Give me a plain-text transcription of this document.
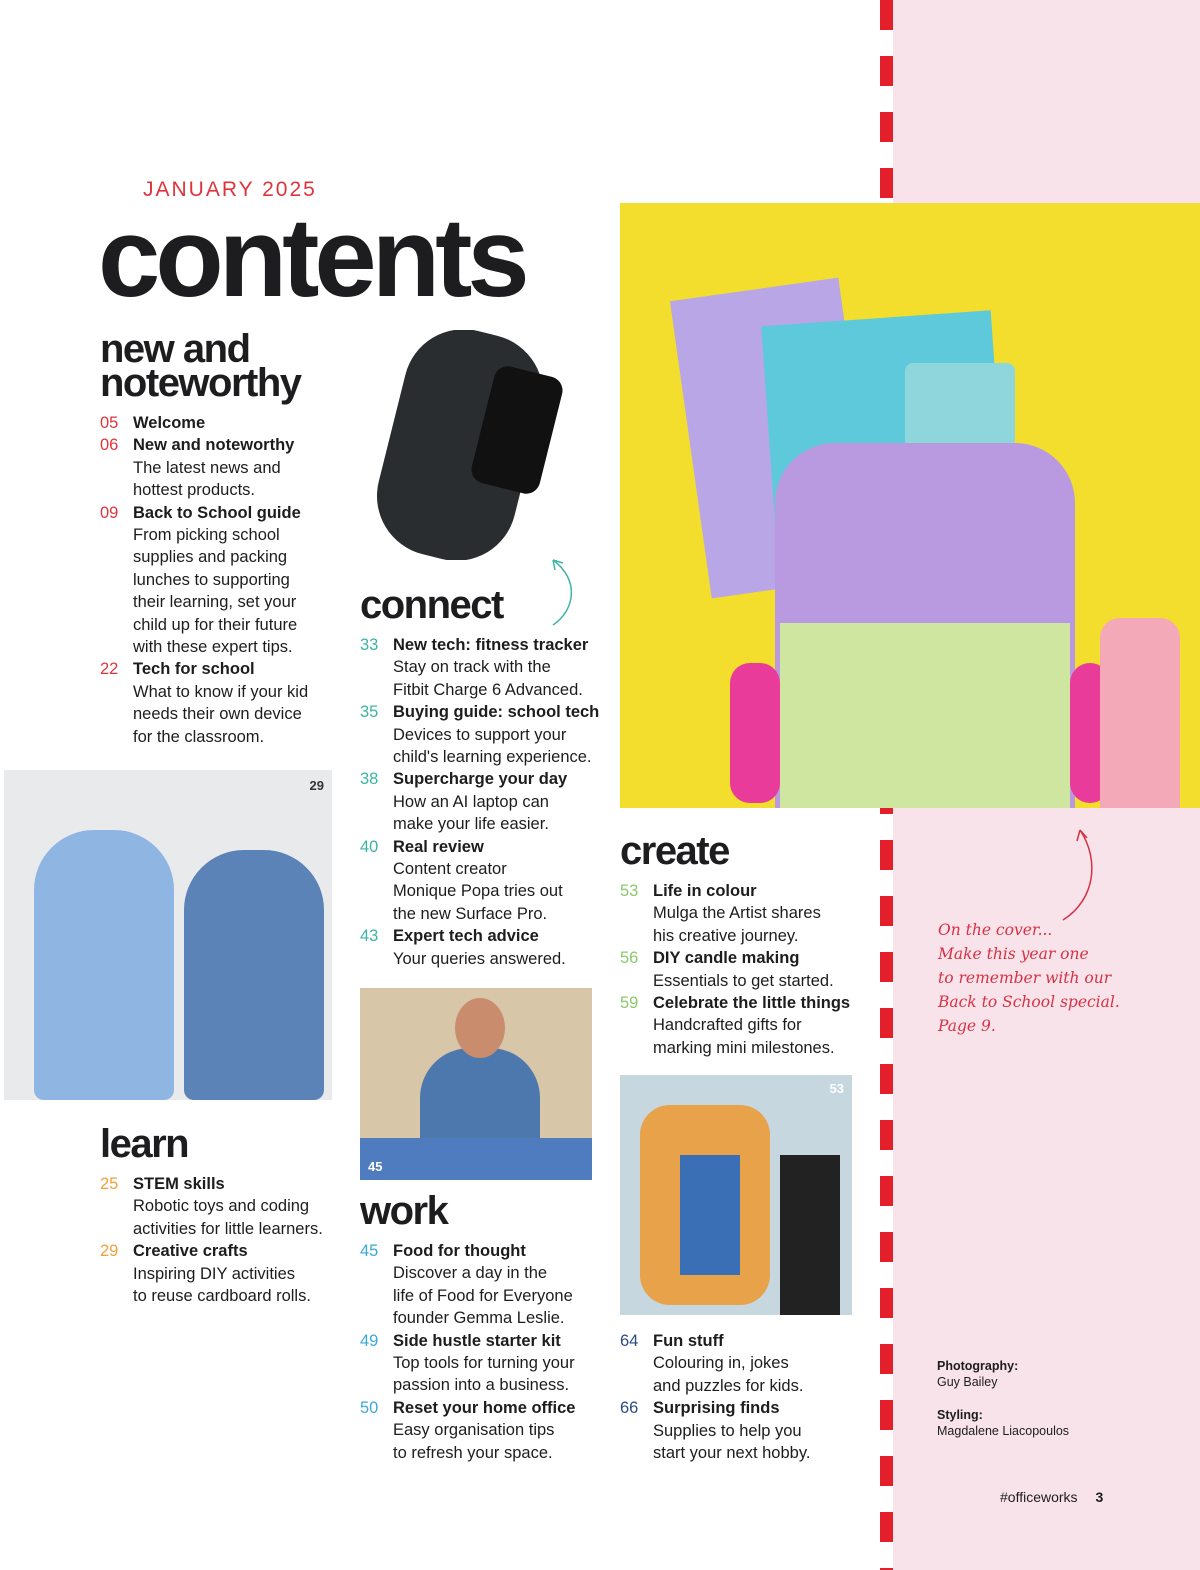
JANUARY 2025
contents
29
45
53
new and
noteworthy
05 Welcome
06 New and noteworthy
The latest news and
hottest products.
09 Back to School guide
From picking school
supplies and packing
lunches to supporting
their learning, set your
child up for their future
with these expert tips.
22 Tech for school
What to know if your kid
needs their own device
for the classroom.
connect
33 New tech: fitness tracker
Stay on track with the
Fitbit Charge 6 Advanced.
35 Buying guide: school tech
Devices to support your
child's learning experience.
38 Supercharge your day
How an AI laptop can
make your life easier.
40 Real review
Content creator
Monique Popa tries out
the new Surface Pro.
43 Expert tech advice
Your queries answered.
learn
25 STEM skills
Robotic toys and coding
activities for little learners.
29 Creative crafts
Inspiring DIY activities
to reuse cardboard rolls.
work
45 Food for thought
Discover a day in the
life of Food for Everyone
founder Gemma Leslie.
49 Side hustle starter kit
Top tools for turning your
passion into a business.
50 Reset your home office
Easy organisation tips
to refresh your space.
create
53 Life in colour
Mulga the Artist shares
his creative journey.
56 DIY candle making
Essentials to get started.
59 Celebrate the little things
Handcrafted gifts for
marking mini milestones.
64 Fun stuff
Colouring in, jokes
and puzzles for kids.
66 Surprising finds
Supplies to help you
start your next hobby.
On the cover...
Make this year one
to remember with our
Back to School special.
Page 9.
Photography:
Guy Bailey
Styling:
Magdalene Liacopoulos
#officeworks 3
